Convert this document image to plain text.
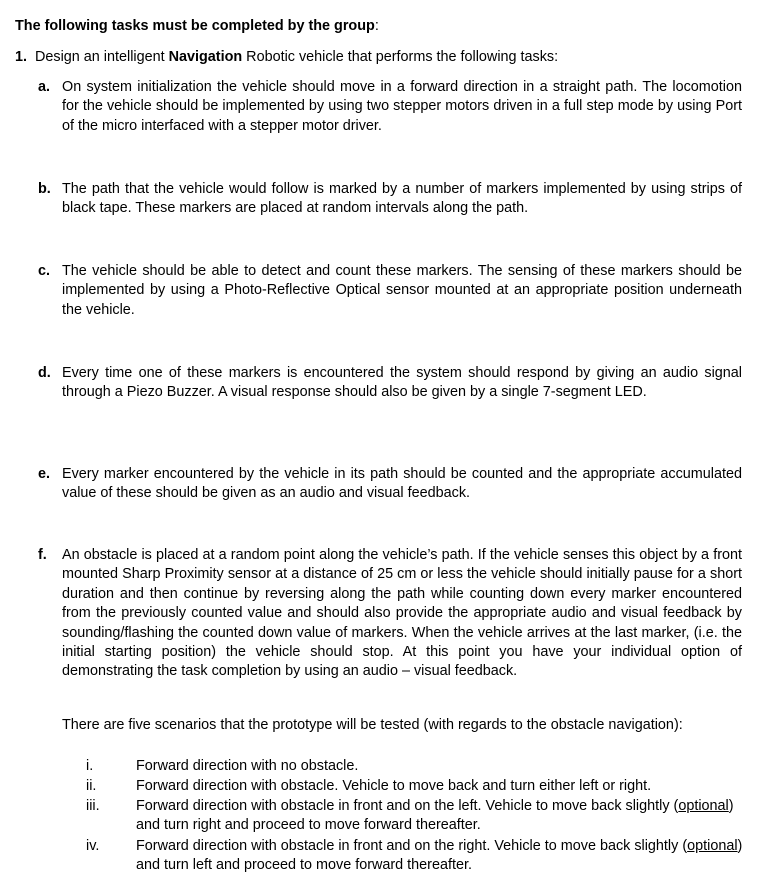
The following tasks must be completed by the group:
1. Design an intelligent Navigation Robotic vehicle that performs the following tasks:
a. On system initialization the vehicle should move in a forward direction in a straight path. The locomotion for the vehicle should be implemented by using two stepper motors driven in a full step mode by using Port of the micro interfaced with a stepper motor driver.
b. The path that the vehicle would follow is marked by a number of markers implemented by using strips of black tape. These markers are placed at random intervals along the path.
c. The vehicle should be able to detect and count these markers. The sensing of these markers should be implemented by using a Photo-Reflective Optical sensor mounted at an appropriate position underneath the vehicle.
d. Every time one of these markers is encountered the system should respond by giving an audio signal through a Piezo Buzzer. A visual response should also be given by a single 7-segment LED.
e. Every marker encountered by the vehicle in its path should be counted and the appropriate accumulated value of these should be given as an audio and visual feedback.
f. An obstacle is placed at a random point along the vehicle’s path. If the vehicle senses this object by a front mounted Sharp Proximity sensor at a distance of 25 cm or less the vehicle should initially pause for a short duration and then continue by reversing along the path while counting down every marker encountered from the previously counted value and should also provide the appropriate audio and visual feedback by sounding/flashing the counted down value of markers. When the vehicle arrives at the last marker, (i.e. the initial starting position) the vehicle should stop. At this point you have your individual option of demonstrating the task completion by using an audio – visual feedback.
There are five scenarios that the prototype will be tested (with regards to the obstacle navigation):
i.	Forward direction with no obstacle.
ii.	Forward direction with obstacle. Vehicle to move back and turn either left or right.
iii.	Forward direction with obstacle in front and on the left. Vehicle to move back slightly (optional) and turn right and proceed to move forward thereafter.
iv.	Forward direction with obstacle in front and on the right. Vehicle to move back slightly (optional) and turn left and proceed to move forward thereafter.
